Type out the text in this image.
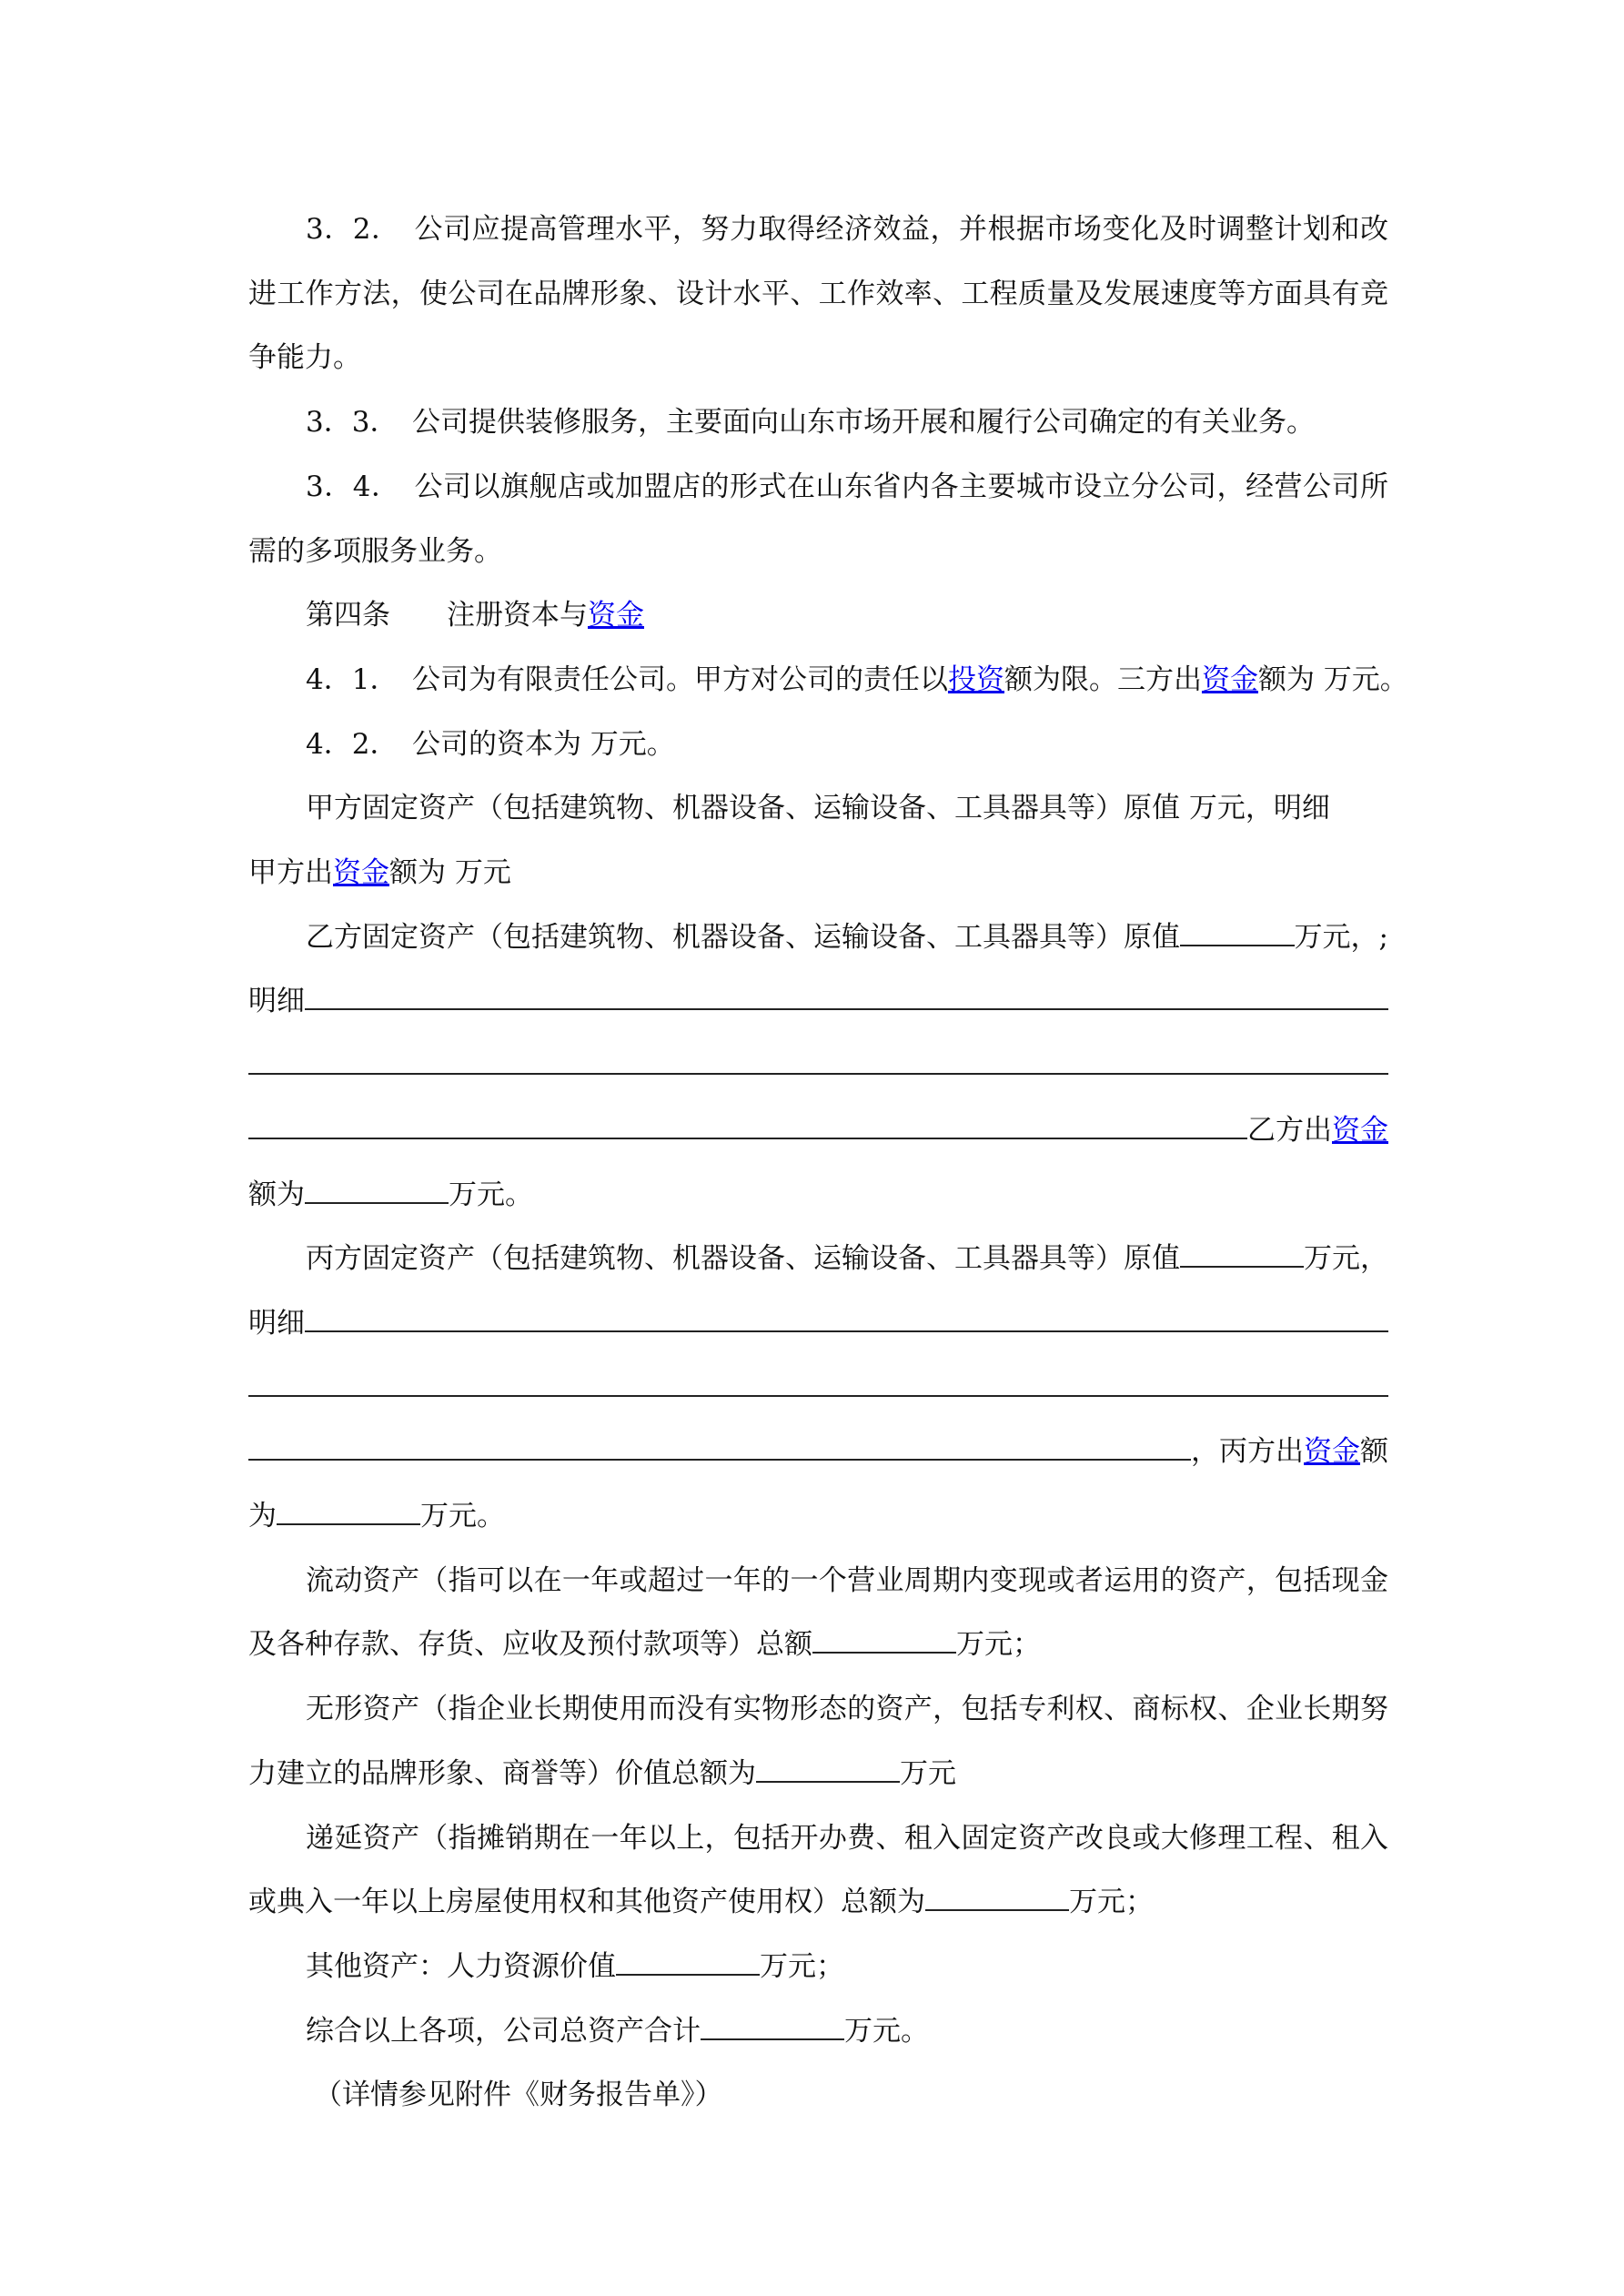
3．2．　公司应提高管理水平，努力取得经济效益，并根据市场变化及时调整计划和改
进工作方法，使公司在品牌形象、设计水平、工作效率、工程质量及发展速度等方面具有竞
争能力。
3．3．　公司提供装修服务，主要面向山东市场开展和履行公司确定的有关业务。
3．4．　公司以旗舰店或加盟店的形式在山东省内各主要城市设立分公司，经营公司所
需的多项服务业务。
第四条　　注册资本与 资金
4．1．　公司为有限责任公司。甲方对公司的责任以 投资 额为限。三方出 资金 额为 万元。
4．2．　公司的资本为 万元。
甲方固定资产（包括建筑物、机器设备、运输设备、工具器具等）原值 万元，明细
甲方出 资金 额为 万元
乙方固定资产（包括建筑物、机器设备、运输设备、工具器具等）原值	万元，;
明细
乙方出 资金
额为	万元。
丙方固定资产（包括建筑物、机器设备、运输设备、工具器具等）原值	万元，
明细
，丙方出 资金 额
为	万元。
流动资产（指可以在一年或超过一年的一个营业周期内变现或者运用的资产，包括现金
及各种存款、存货、应收及预付款项等）总额	万元；
无形资产（指企业长期使用而没有实物形态的资产，包括专利权、商标权、企业长期努
力建立的品牌形象、商誉等）价值总额为	万元
递延资产（指摊销期在一年以上，包括开办费、租入固定资产改良或大修理工程、租入
或典入一年以上房屋使用权和其他资产使用权）总额为	万元；
其他资产：人力资源价值	万元；
综合以上各项，公司总资产合计	万元。
（详情参见附件《财务报告单》）
